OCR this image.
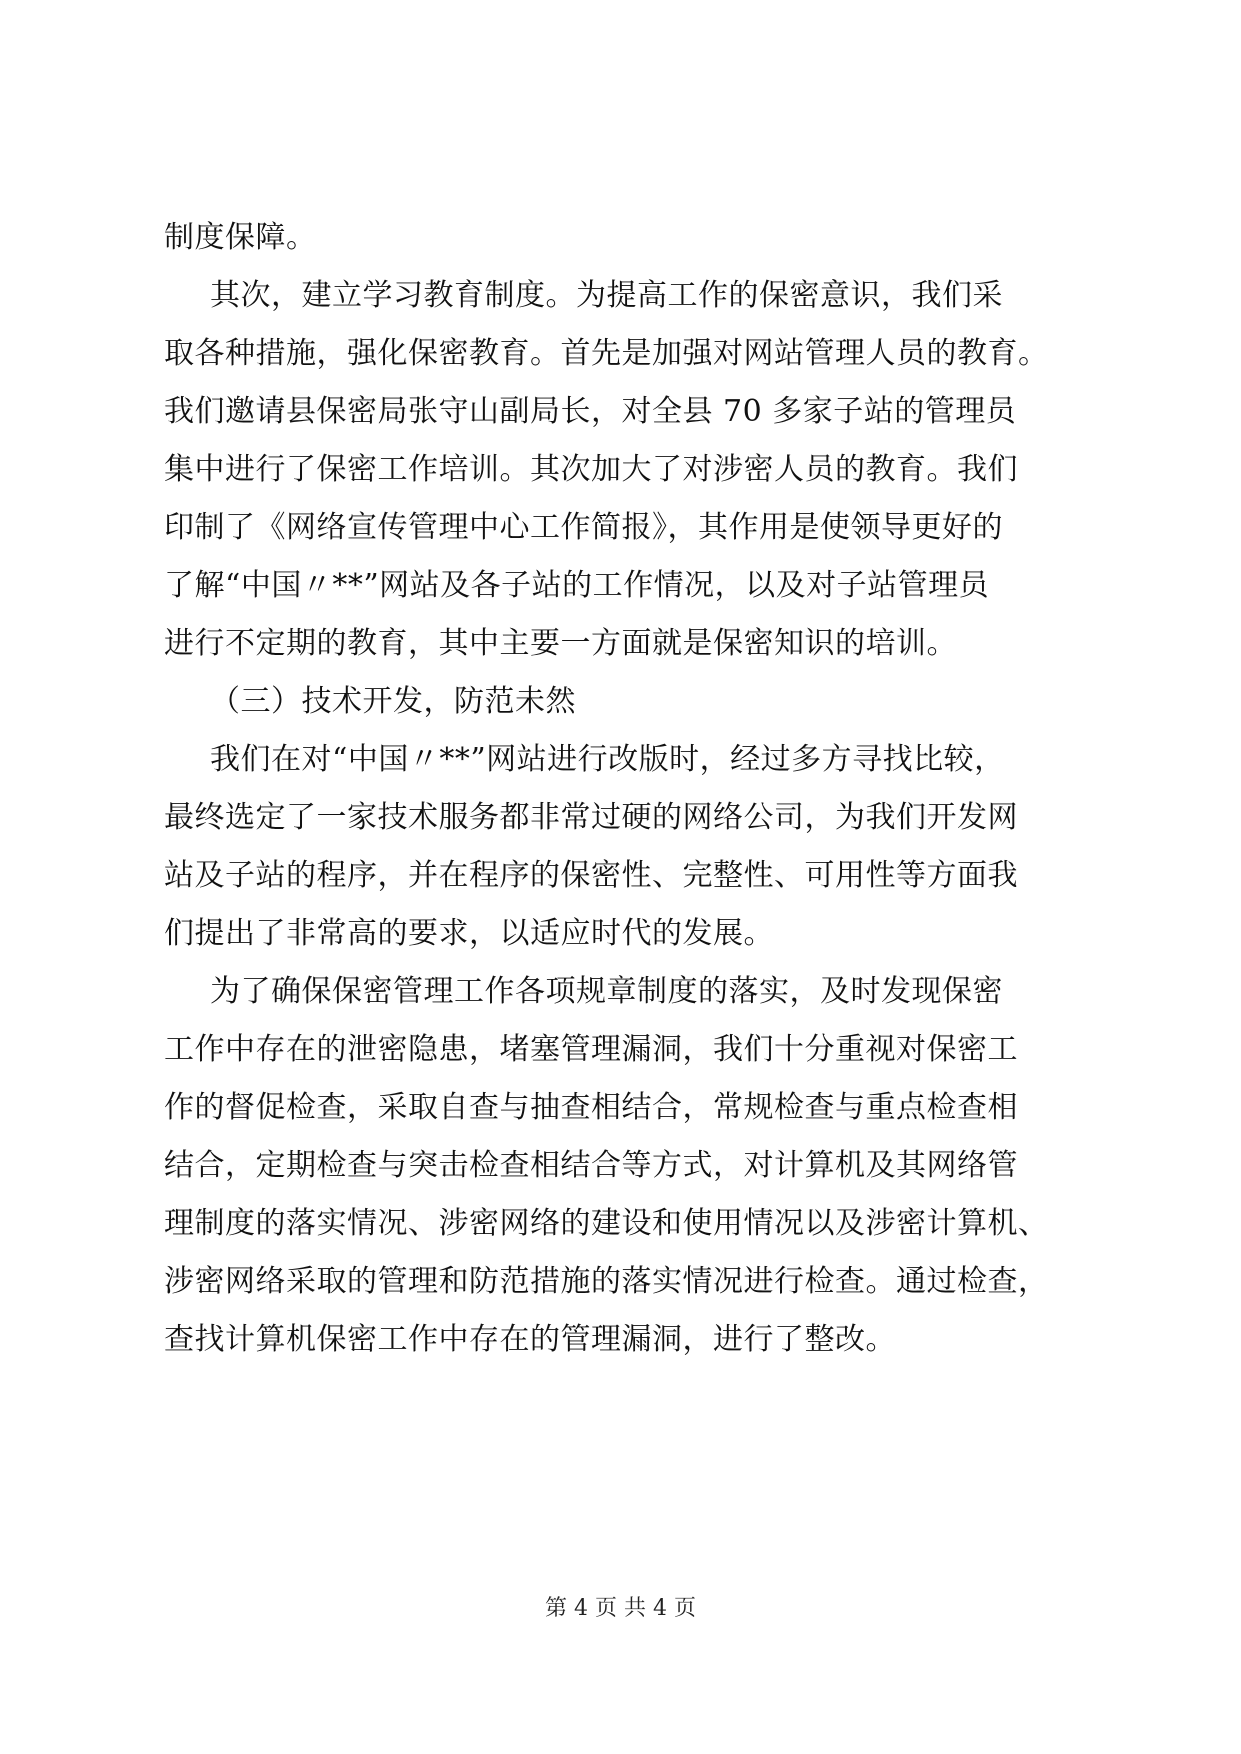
制度保障。
其次，建立学习教育制度。为提高工作的保密意识，我们采
取各种措施，强化保密教育。首先是加强对网站管理人员的教育。
我们邀请县保密局张守山副局长，对全县 70 多家子站的管理员
集中进行了保密工作培训。其次加大了对涉密人员的教育。我们
印制了《网络宣传管理中心工作简报》，其作用是使领导更好的
了解“中国〃**”网站及各子站的工作情况，以及对子站管理员
进行不定期的教育，其中主要一方面就是保密知识的培训。
（三）技术开发，防范未然
我们在对“中国〃**”网站进行改版时，经过多方寻找比较，
最终选定了一家技术服务都非常过硬的网络公司，为我们开发网
站及子站的程序，并在程序的保密性、完整性、可用性等方面我
们提出了非常高的要求，以适应时代的发展。
为了确保保密管理工作各项规章制度的落实，及时发现保密
工作中存在的泄密隐患，堵塞管理漏洞，我们十分重视对保密工
作的督促检查，采取自查与抽查相结合，常规检查与重点检查相
结合，定期检查与突击检查相结合等方式，对计算机及其网络管
理制度的落实情况、涉密网络的建设和使用情况以及涉密计算机、
涉密网络采取的管理和防范措施的落实情况进行检查。通过检查，
查找计算机保密工作中存在的管理漏洞，进行了整改。
第 4 页 共 4 页
